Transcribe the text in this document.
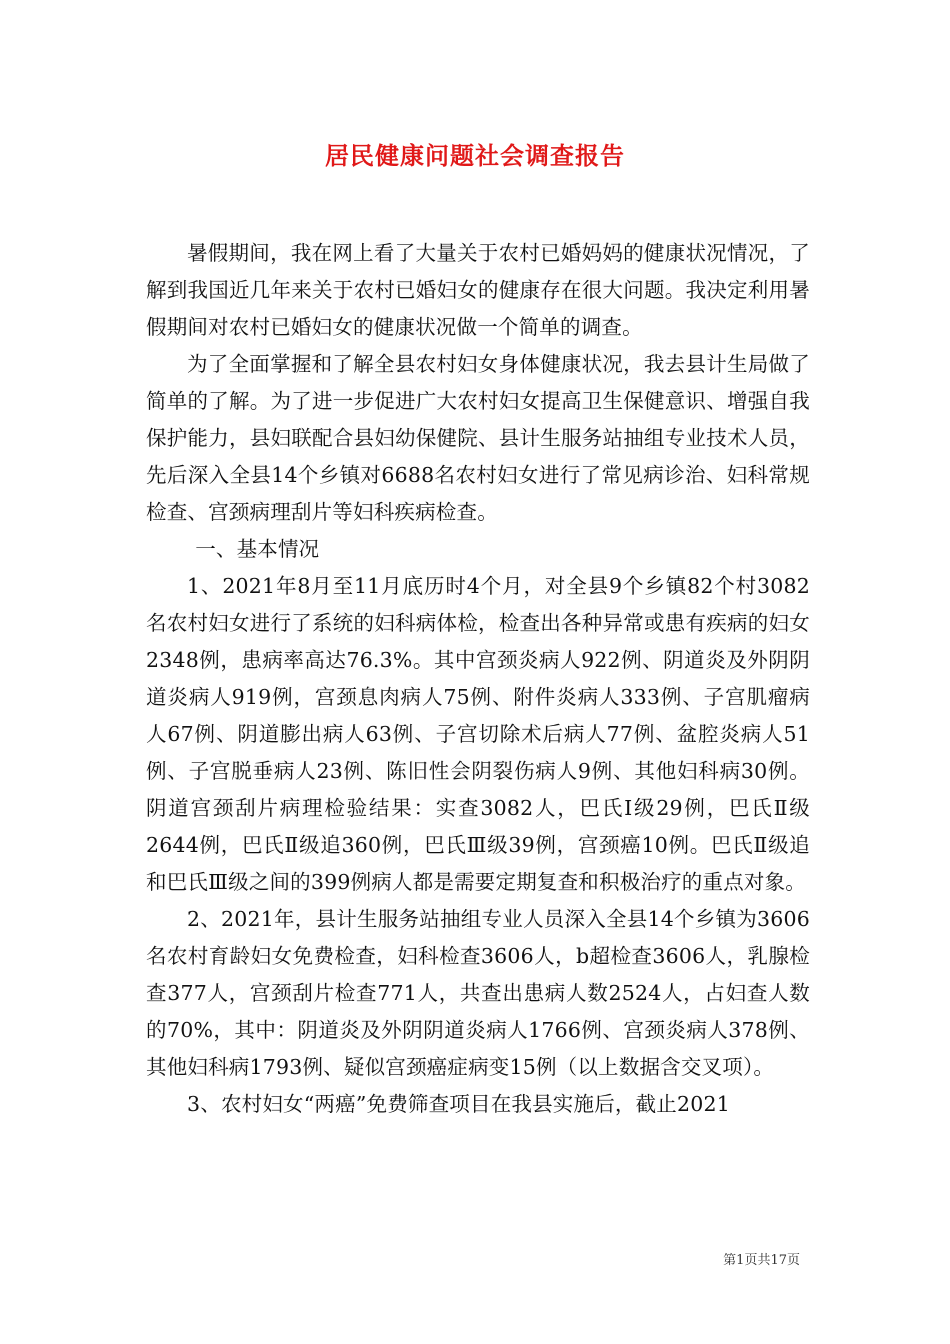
居民健康问题社会调查报告

暑假期间，我在网上看了大量关于农村已婚妈妈的健康状况情况，了解到我国近几年来关于农村已婚妇女的健康存在很大问题。我决定利用暑假期间对农村已婚妇女的健康状况做一个简单的调查。

为了全面掌握和了解全县农村妇女身体健康状况，我去县计生局做了简单的了解。为了进一步促进广大农村妇女提高卫生保健意识、增强自我保护能力，县妇联配合县妇幼保健院、县计生服务站抽组专业技术人员，先后深入全县14个乡镇对6688名农村妇女进行了常见病诊治、妇科常规检查、宫颈病理刮片等妇科疾病检查。

一、基本情况

1、2021年8月至11月底历时4个月，对全县9个乡镇82个村3082名农村妇女进行了系统的妇科病体检，检查出各种异常或患有疾病的妇女2348例，患病率高达76.3%。其中宫颈炎病人922例、阴道炎及外阴阴道炎病人919例，宫颈息肉病人75例、附件炎病人333例、子宫肌瘤病人67例、阴道膨出病人63例、子宫切除术后病人77例、盆腔炎病人51例、子宫脱垂病人23例、陈旧性会阴裂伤病人9例、其他妇科病30例。阴道宫颈刮片病理检验结果：实查3082人，巴氏Ⅰ级29例，巴氏Ⅱ级2644例，巴氏Ⅱ级追360例，巴氏Ⅲ级39例，宫颈癌10例。巴氏Ⅱ级追和巴氏Ⅲ级之间的399例病人都是需要定期复查和积极治疗的重点对象。

2、2021年，县计生服务站抽组专业人员深入全县14个乡镇为3606名农村育龄妇女免费检查，妇科检查3606人，b超检查3606人，乳腺检查377人，宫颈刮片检查771人，共查出患病人数2524人，占妇查人数的70%，其中：阴道炎及外阴阴道炎病人1766例、宫颈炎病人378例、其他妇科病1793例、疑似宫颈癌症病变15例（以上数据含交叉项）。

3、农村妇女“两癌”免费筛查项目在我县实施后，截止2021

第1页共17页
